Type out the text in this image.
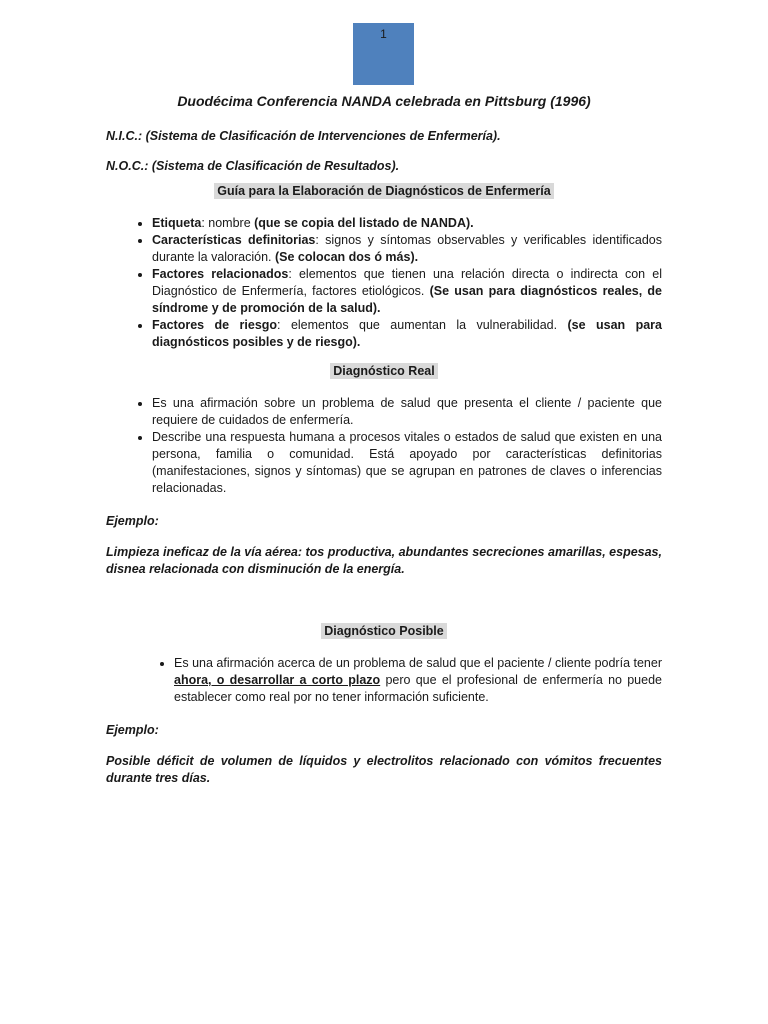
1

Duodécima Conferencia NANDA celebrada en Pittsburg (1996)

N.I.C.: (Sistema de Clasificación de Intervenciones de Enfermería).

N.O.C.: (Sistema de Clasificación de Resultados).

Guía para la Elaboración de Diagnósticos de Enfermería
• Etiqueta: nombre (que se copia del listado de NANDA).
• Características definitorias: signos y síntomas observables y verificables identificados durante la valoración. (Se colocan dos ó más).
• Factores relacionados: elementos que tienen una relación directa o indirecta con el Diagnóstico de Enfermería, factores etiológicos. (Se usan para diagnósticos reales, de síndrome y de promoción de la salud).
• Factores de riesgo: elementos que aumentan la vulnerabilidad. (se usan para diagnósticos posibles y de riesgo).
Diagnóstico Real
• Es una afirmación sobre un problema de salud que presenta el cliente / paciente que requiere de cuidados de enfermería.
• Describe una respuesta humana a procesos vitales o estados de salud que existen en una persona, familia o comunidad. Está apoyado por características definitorias (manifestaciones, signos y síntomas) que se agrupan en patrones de claves o inferencias relacionadas.

Ejemplo:

Limpieza ineficaz de la vía aérea: tos productiva, abundantes secreciones amarillas, espesas, disnea relacionada con disminución de la energía.

Diagnóstico Posible
• Es una afirmación acerca de un problema de salud que el paciente / cliente podría tener ahora, o desarrollar a corto plazo pero que el profesional de enfermería no puede establecer como real por no tener información suficiente.

Ejemplo:

Posible déficit de volumen de líquidos y electrolitos relacionado con vómitos frecuentes durante tres días.
